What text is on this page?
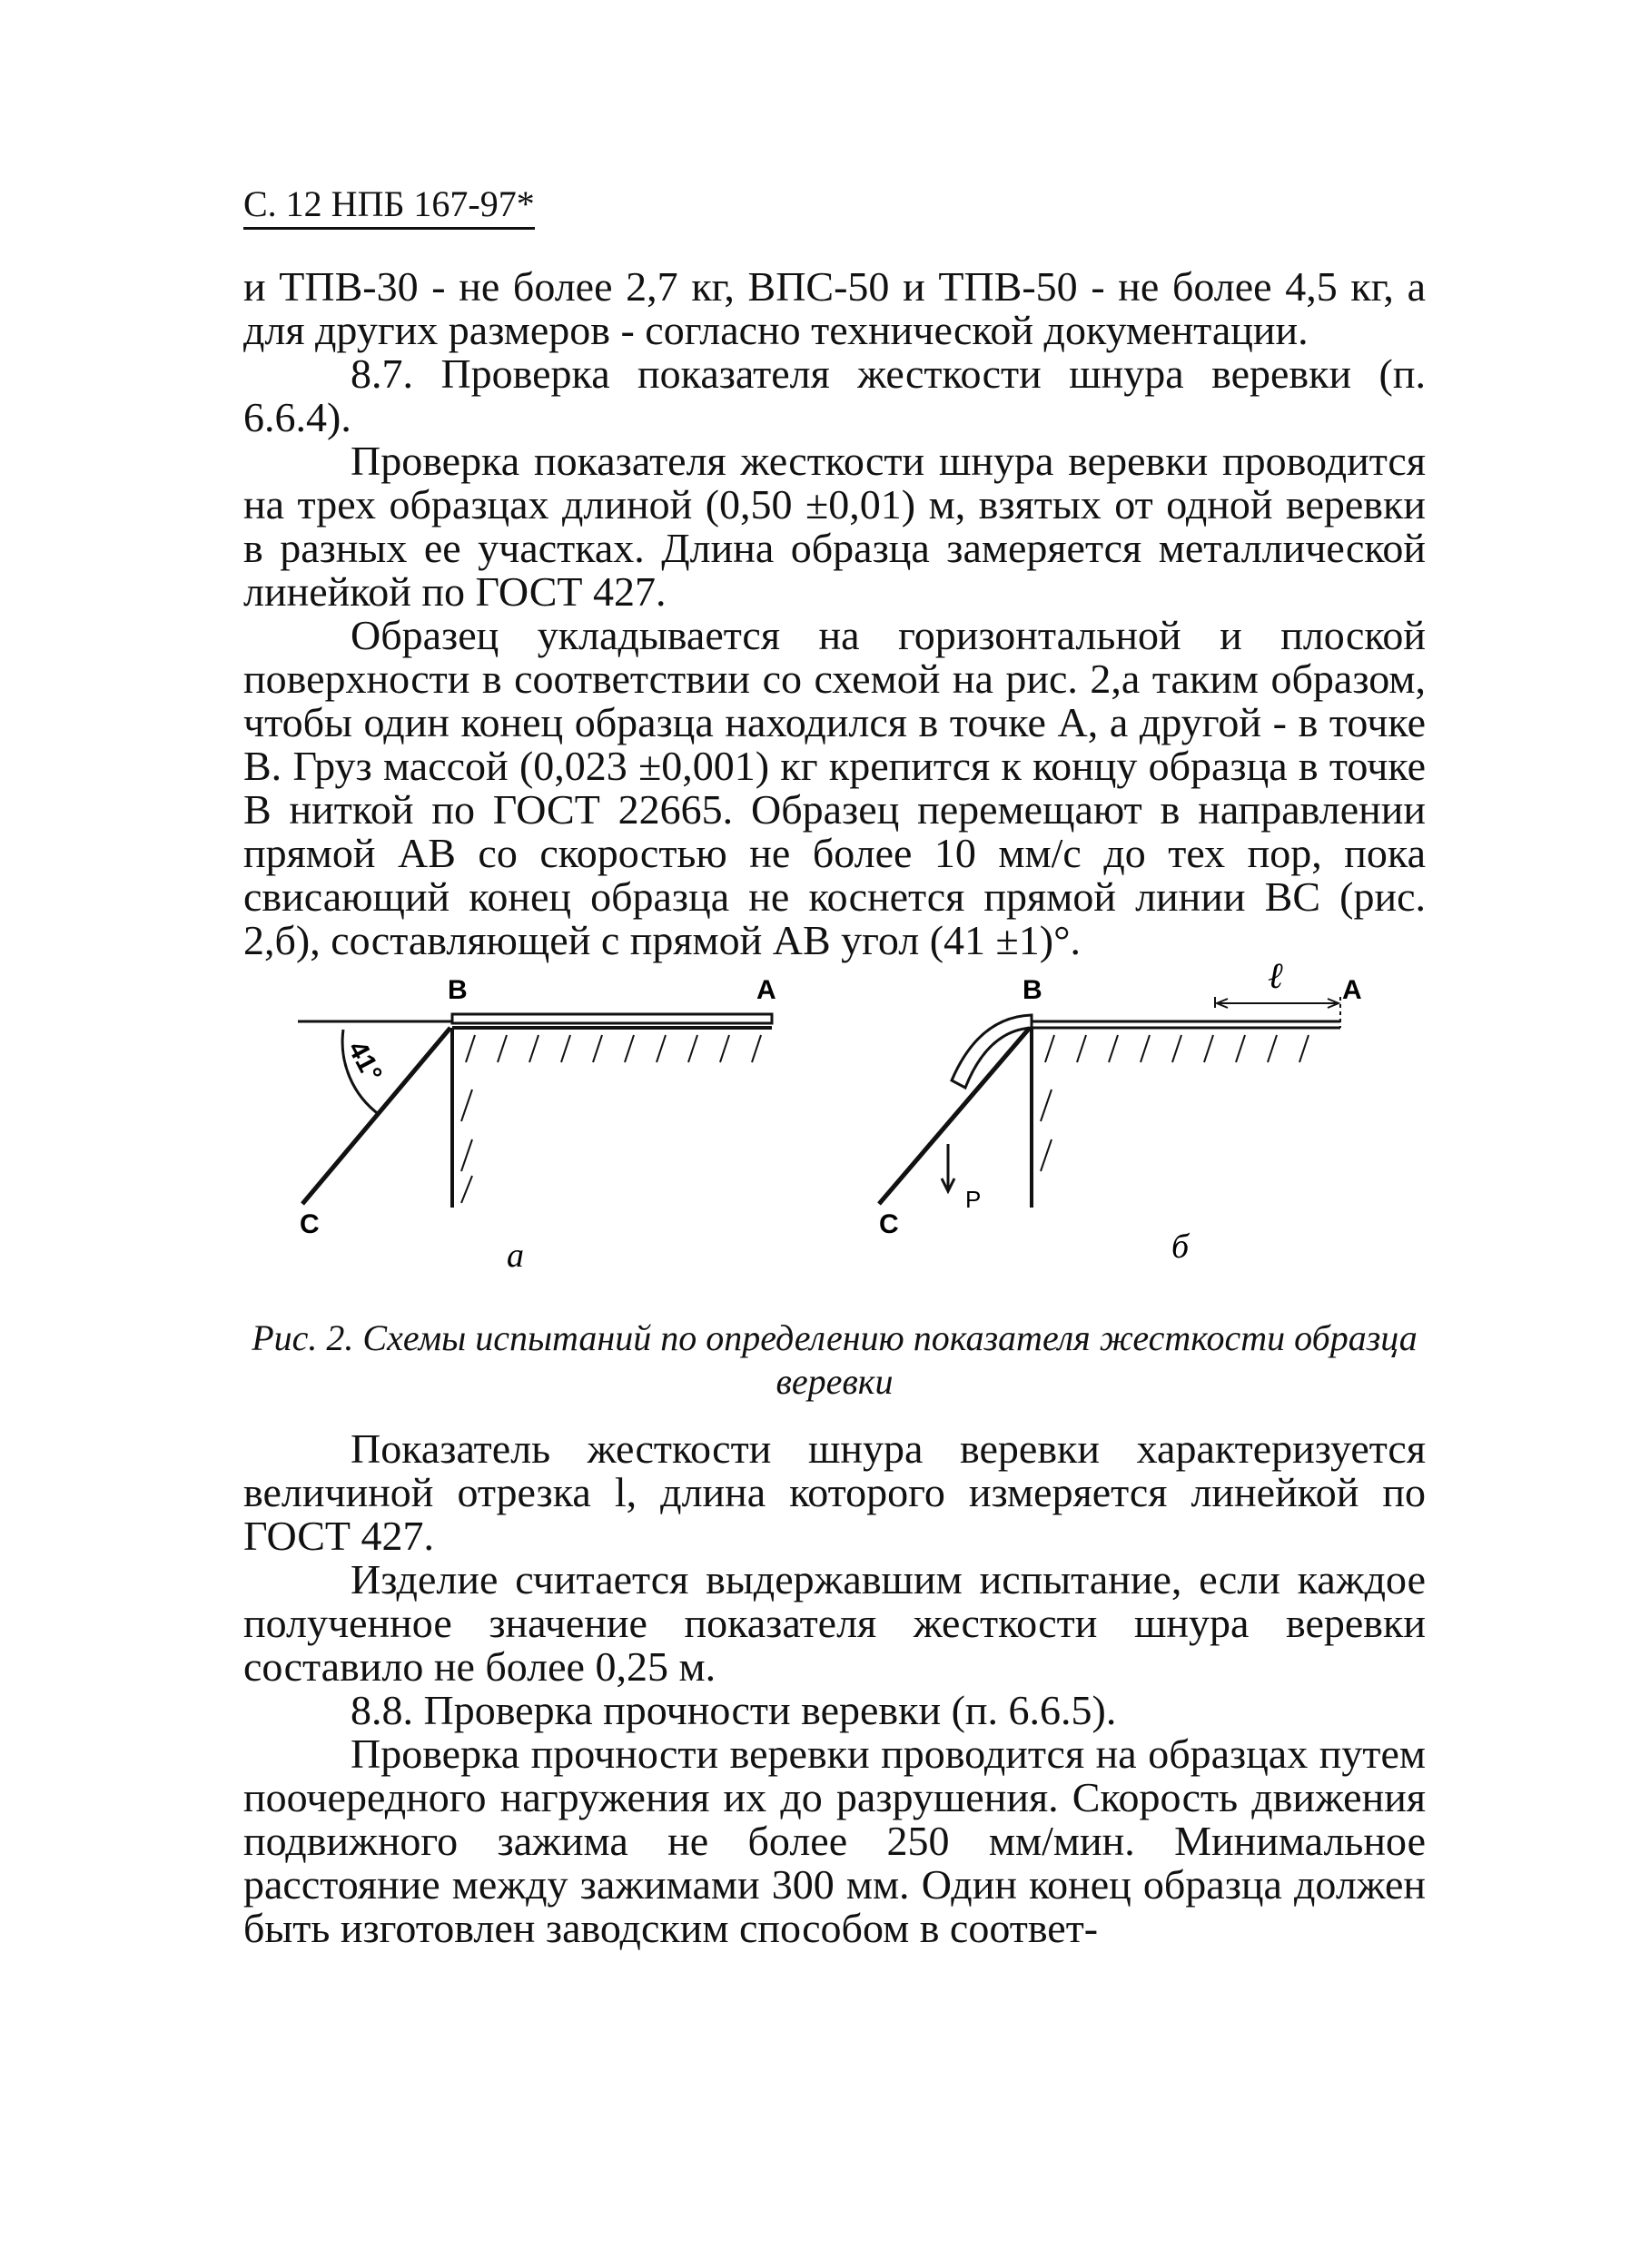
С. 12 НПБ 167-97*

и ТПВ-30 - не более 2,7 кг, ВПС-50 и ТПВ-50 - не более 4,5 кг, а для других размеров - согласно технической документации.

8.7. Проверка показателя жесткости шнура веревки (п. 6.6.4).

Проверка показателя жесткости шнура веревки проводится на трех образцах длиной (0,50 ±0,01) м, взятых от одной веревки в разных ее участках. Длина образца замеряется металлической линейкой по ГОСТ 427.

Образец укладывается на горизонтальной и плоской поверхности в соответствии со схемой на рис. 2,а таким образом, чтобы один конец образца находился в точке А, а другой - в точке В. Груз массой (0,023 ±0,001) кг крепится к концу образца в точке В ниткой по ГОСТ 22665. Образец перемещают в направлении прямой АВ со скоростью не более 10 мм/с до тех пор, пока свисающий конец образца не коснется прямой линии ВС (рис. 2,б), составляющей с прямой АВ угол (41 ±1)°.

В	А
С
41°
а
В	А
С
Р
ℓ
б
Рис. 2. Схемы испытаний по определению показателя жесткости образца веревки

Показатель жесткости шнура веревки характеризуется величиной отрезка l, длина которого измеряется линейкой по ГОСТ 427.

Изделие считается выдержавшим испытание, если каждое полученное значение показателя жесткости шнура веревки составило не более 0,25 м.

8.8. Проверка прочности веревки (п. 6.6.5).

Проверка прочности веревки проводится на образцах путем поочередного нагружения их до разрушения. Скорость движения подвижного зажима не более 250 мм/мин. Минимальное расстояние между зажимами 300 мм. Один конец образца должен быть изготовлен заводским способом в соответ-
